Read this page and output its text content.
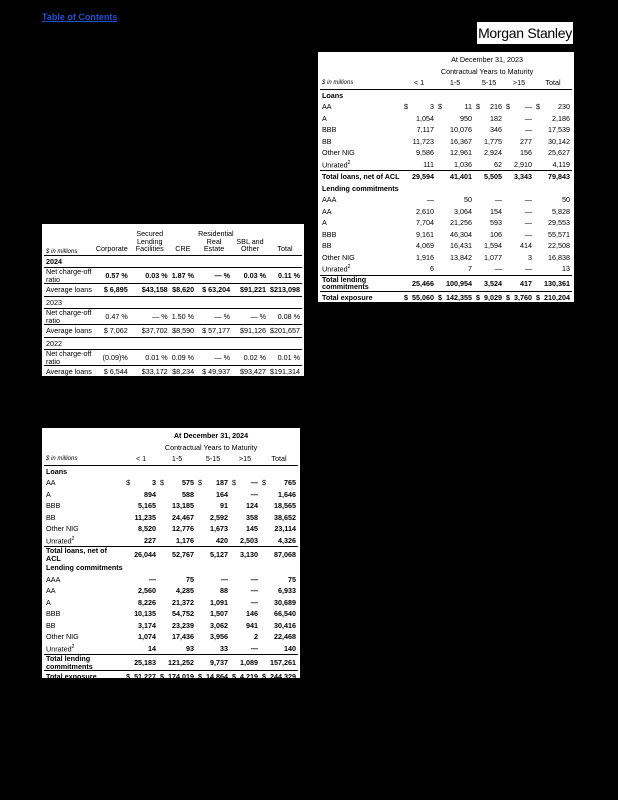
Table of Contents
Morgan Stanley
	At December 31, 2023									
	Contractual Years to Maturity									
$ in millions	< 1		1-5		5-15		>15		Total	
Loans										
AA	$	3	$	11	$	216	$	—	$	230
A		1,054		950		182		—		2,186
BBB		7,117		10,076		346		—		17,539
BB		11,723		16,367		1,775		277		30,142
Other NIG		9,586		12,961		2,924		156		25,627
Unrated$^2$		111		1,036		62		2,910		4,119
Total loans, net of ACL		29,594		41,401		5,505		3,343		79,843
Lending commitments										
AAA		—		50		—		—		50
AA		2,610		3,064		154		—		5,828
A		7,704		21,256		593		—		29,553
BBB		9,161		46,304		106		—		55,571
BB		4,069		16,431		1,594		414		22,508
Other NIG		1,916		13,842		1,077		3		16,838
Unrated$^2$		6		7		—		—		13
Total lending commitments		25,466		100,954		3,524		417		130,361
Total exposure	$	55,060	$	142,355	$	9,029	$	3,760	$	210,204
$ in millions	Corporate	Secured Lending Facilities	CRE	Residential Real Estate	SBL and Other	Total
2024						
Net charge-off ratio	0.57 %	0.03 %	1.87 %	— %	0.03 %	0.11 %
Average loans	$ 6,895	$43,158	$8,620	$ 63,204	$91,221	$213,098
2023						
Net charge-off ratio	0.47 %	— %	1.50 %	— %	— %	0.08 %
Average loans	$ 7,062	$37,702	$8,590	$ 57,177	$91,126	$201,657
2022						
Net charge-off ratio	(0.09)%	0.01 %	0.09 %	— %	0.02 %	0.01 %
Average loans	$ 6,544	$33,172	$8,234	$ 49,937	$93,427	$191,314
	At December 31, 2024									
	Contractual Years to Maturity									
$ in millions	< 1		1-5		5-15		>15		Total	
Loans										
AA	$	3	$	575	$	187	$	—	$	765
A		894		588		164		—		1,646
BBB		5,165		13,185		91		124		18,565
BB		11,235		24,467		2,592		358		38,652
Other NIG		8,520		12,776		1,673		145		23,114
Unrated$^2$		227		1,176		420		2,503		4,326
Total loans, net of ACL		26,044		52,767		5,127		3,130		87,068
Lending commitments										
AAA		—		75		—		—		75
AA		2,560		4,285		88		—		6,933
A		8,226		21,372		1,091		—		30,689
BBB		10,135		54,752		1,507		146		66,540
BB		3,174		23,239		3,062		941		30,416
Other NIG		1,074		17,436		3,956		2		22,468
Unrated$^2$		14		93		33		—		140
Total lending commitments		25,183		121,252		9,737		1,089		157,261
Total exposure	$	51,227	$	174,019	$	14,864	$	4,219	$	244,329
